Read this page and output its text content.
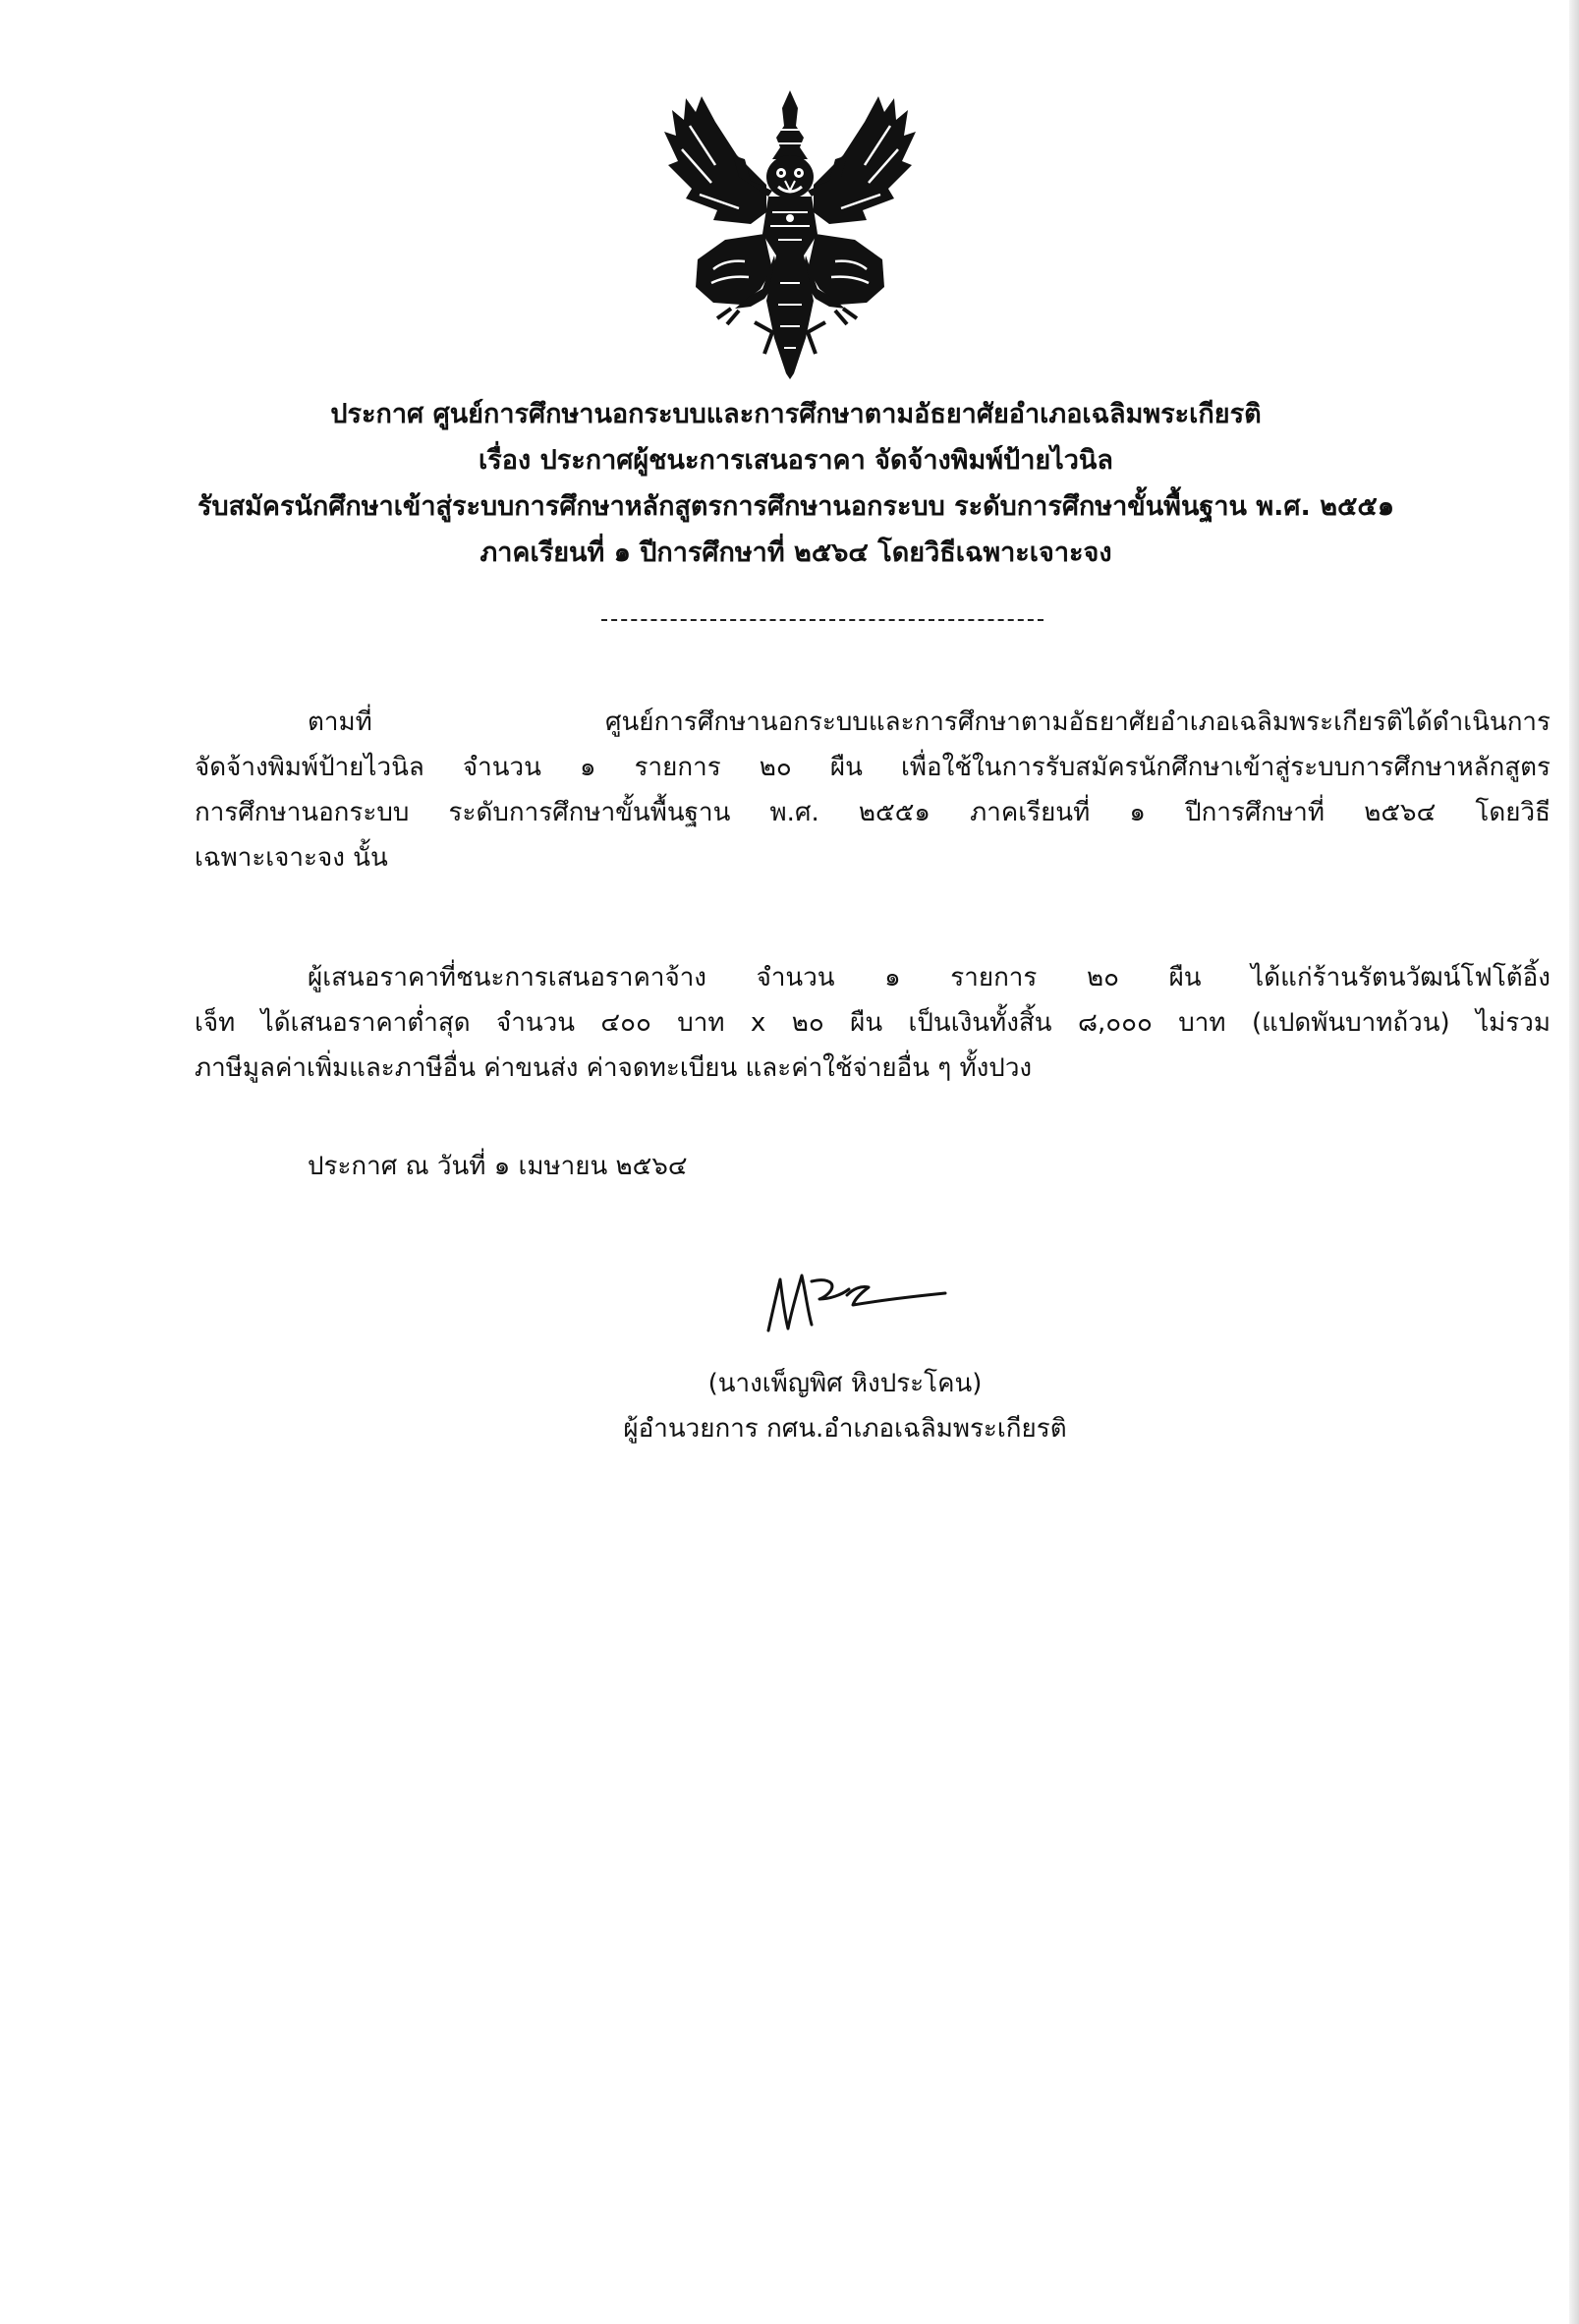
ประกาศ ศูนย์การศึกษานอกระบบและการศึกษาตามอัธยาศัยอำเภอเฉลิมพระเกียรติ
เรื่อง ประกาศผู้ชนะการเสนอราคา จัดจ้างพิมพ์ป้ายไวนิล
รับสมัครนักศึกษาเข้าสู่ระบบการศึกษาหลักสูตรการศึกษานอกระบบ ระดับการศึกษาขั้นพื้นฐาน พ.ศ. ๒๕๕๑
ภาคเรียนที่ ๑ ปีการศึกษาที่ ๒๕๖๔ โดยวิธีเฉพาะเจาะจง
ตามที่ ศูนย์การศึกษานอกระบบและการศึกษาตามอัธยาศัยอำเภอเฉลิมพระเกียรติได้ดำเนินการ
จัดจ้างพิมพ์ป้ายไวนิล จำนวน ๑ รายการ ๒๐ ผืน เพื่อใช้ในการรับสมัครนักศึกษาเข้าสู่ระบบการศึกษาหลักสูตร
การศึกษานอกระบบ ระดับการศึกษาขั้นพื้นฐาน พ.ศ. ๒๕๕๑ ภาคเรียนที่ ๑ ปีการศึกษาที่ ๒๕๖๔ โดยวิธี
เฉพาะเจาะจง นั้น
ผู้เสนอราคาที่ชนะการเสนอราคาจ้าง จำนวน ๑ รายการ ๒๐ ผืน ได้แก่ร้านรัตนวัฒน์โฟโต้อิ้ง
เจ็ท ได้เสนอราคาต่ำสุด จำนวน ๔๐๐ บาท x ๒๐ ผืน เป็นเงินทั้งสิ้น ๘,๐๐๐ บาท (แปดพันบาทถ้วน) ไม่รวม
ภาษีมูลค่าเพิ่มและภาษีอื่น ค่าขนส่ง ค่าจดทะเบียน และค่าใช้จ่ายอื่น ๆ ทั้งปวง
ประกาศ ณ วันที่ ๑ เมษายน ๒๕๖๔
(นางเพ็ญพิศ หิงประโคน)
ผู้อำนวยการ กศน.อำเภอเฉลิมพระเกียรติ
